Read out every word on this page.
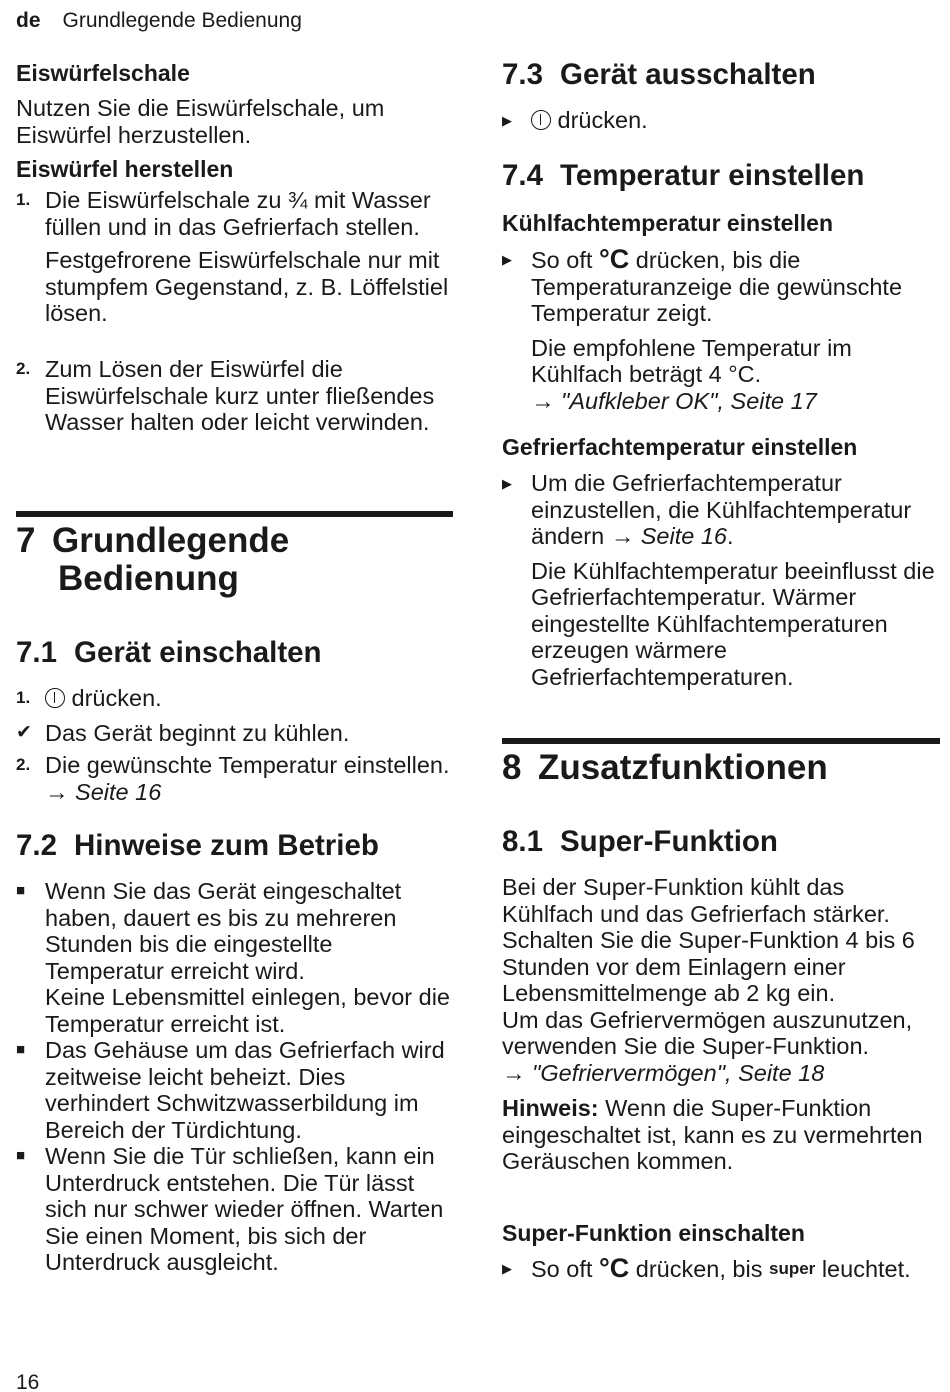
de Grundlegende Bedienung
Eiswürfelschale

Nutzen Sie die Eiswürfelschale, um Eiswürfel herzustellen.

Eiswürfel herstellen
1. Die Eiswürfelschale zu ¾ mit Wasser füllen und in das Gefrierfach stellen.

Festgefrorene Eiswürfelschale nur mit stumpfem Gegenstand, z. B. Löffelstiel lösen.

2. Zum Lösen der Eiswürfel die Eiswürfelschale kurz unter fließendes Wasser halten oder leicht verwinden.

7 Grundlegende
Bedienung
7.1 Gerät einschalten
1.	drücken.

✔ Das Gerät beginnt zu kühlen.

2. Die gewünschte Temperatur einstellen. → Seite 16

7.2 Hinweise zum Betrieb
■ Wenn Sie das Gerät eingeschaltet haben, dauert es bis zu mehreren Stunden bis die eingestellte Temperatur erreicht wird.

Keine Lebensmittel einlegen, bevor die Temperatur erreicht ist.

■ Das Gehäuse um das Gefrierfach wird zeitweise leicht beheizt. Dies verhindert Schwitzwasserbildung im Bereich der Türdichtung.

■ Wenn Sie die Tür schließen, kann ein Unterdruck entstehen. Die Tür lässt sich nur schwer wieder öffnen. Warten Sie einen Moment, bis sich der Unterdruck ausgleicht.

7.3 Gerät ausschalten
▶	drücken.

7.4 Temperatur einstellen
Kühlfachtemperatur einstellen
▶ So oft °C drücken, bis die Temperaturanzeige die gewünschte Temperatur zeigt.

Die empfohlene Temperatur im Kühlfach beträgt 4 °C.
→ "Aufkleber OK", Seite 17

Gefrierfachtemperatur einstellen
▶ Um die Gefrierfachtemperatur einzustellen, die Kühlfachtemperatur ändern → Seite 16.

Die Kühlfachtemperatur beeinflusst die Gefrierfachtemperatur. Wärmer eingestellte Kühlfachtemperaturen erzeugen wärmere Gefrierfachtemperaturen.

8 Zusatzfunktionen
8.1 Super-Funktion

Bei der Super-Funktion kühlt das Kühlfach und das Gefrierfach stärker. Schalten Sie die Super-Funktion 4 bis 6 Stunden vor dem Einlagern einer Lebensmittelmenge ab 2 kg ein.

Um das Gefriervermögen auszunutzen, verwenden Sie die Super-Funktion.

→ "Gefriervermögen", Seite 18

Hinweis: Wenn die Super-Funktion eingeschaltet ist, kann es zu vermehrten Geräuschen kommen.

Super-Funktion einschalten
▶ So oft °C drücken, bis super leuchtet.

16
